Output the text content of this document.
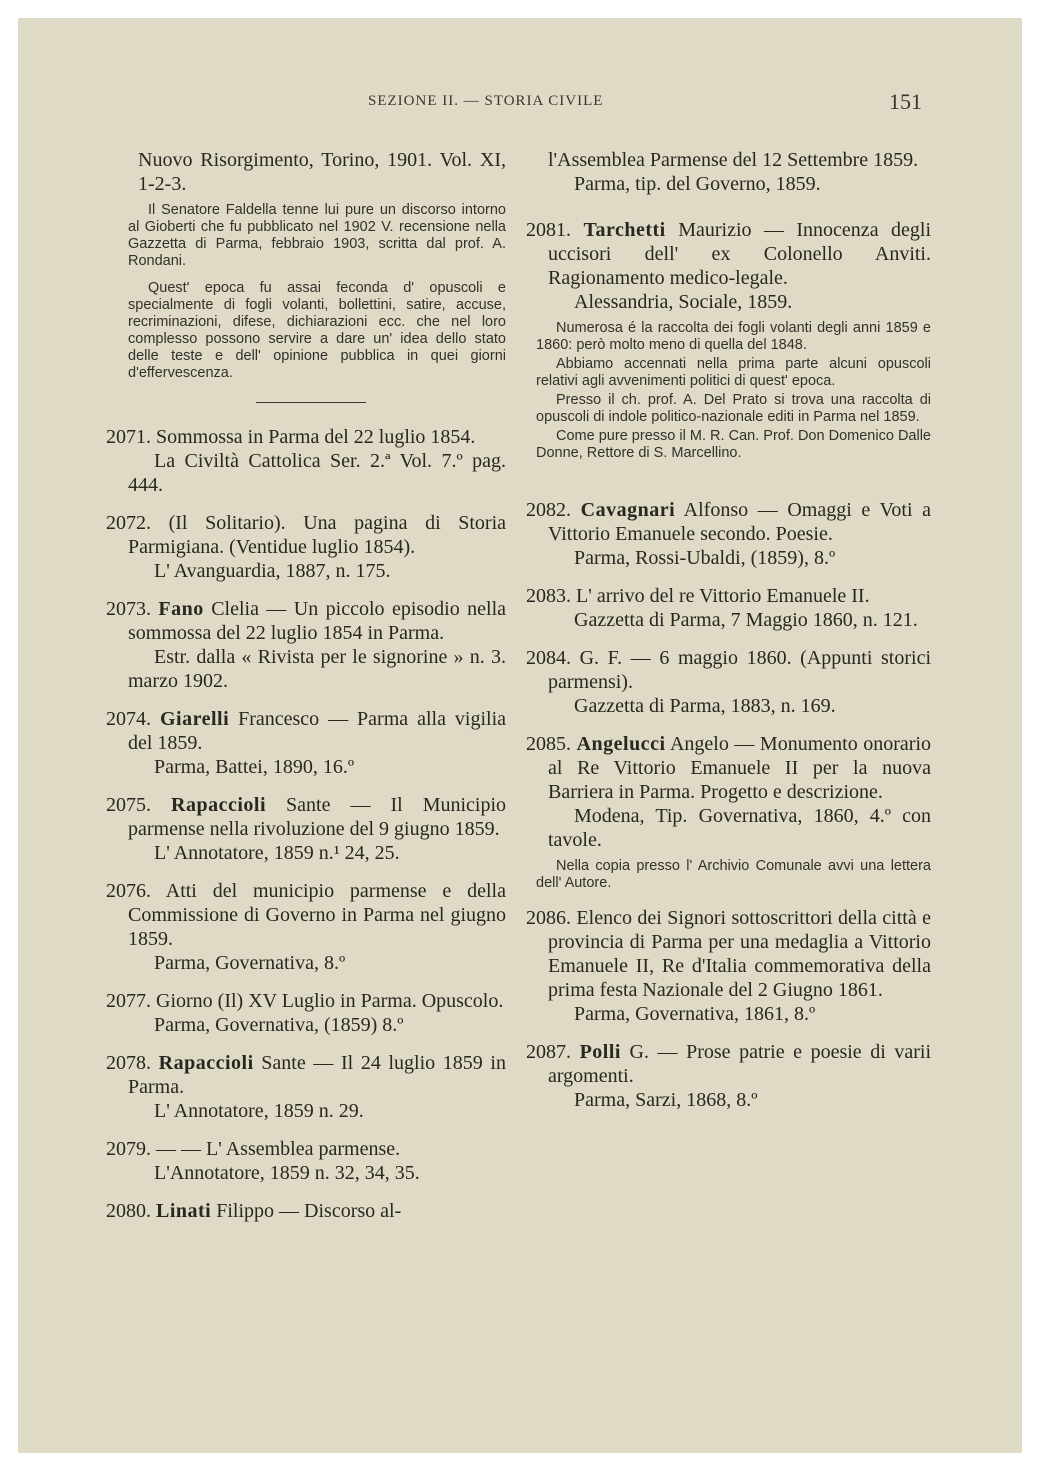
SEZIONE II. — STORIA CIVILE	151

Nuovo Risorgimento, Torino, 1901. Vol. XI, 1-2-3.

Il Senatore Faldella tenne lui pure un discorso intorno al Gioberti che fu pubblicato nel 1902 V. recensione nella Gazzetta di Parma, febbraio 1903, scritta dal prof. A. Rondani.

Quest' epoca fu assai feconda d' opuscoli e specialmente di fogli volanti, bollettini, satire, accuse, recriminazioni, difese, dichiarazioni ecc. che nel loro complesso possono servire a dare un' idea dello stato delle teste e dell' opinione pubblica in quei giorni d'effervescenza.

2071. Sommossa in Parma del 22 luglio 1854.

La Civiltà Cattolica Ser. 2.ª Vol. 7.º pag. 444.

2072. (Il Solitario). Una pagina di Storia Parmigiana. (Ventidue luglio 1854).

L' Avanguardia, 1887, n. 175.

2073. Fano Clelia — Un piccolo episodio nella sommossa del 22 luglio 1854 in Parma.

Estr. dalla « Rivista per le signorine » n. 3. marzo 1902.

2074. Giarelli Francesco — Parma alla vigilia del 1859.

Parma, Battei, 1890, 16.º

2075. Rapaccioli Sante — Il Municipio parmense nella rivoluzione del 9 giugno 1859.

L' Annotatore, 1859 n.¹ 24, 25.

2076. Atti del municipio parmense e della Commissione di Governo in Parma nel giugno 1859.

Parma, Governativa, 8.º

2077. Giorno (Il) XV Luglio in Parma. Opuscolo.

Parma, Governativa, (1859) 8.º

2078. Rapaccioli Sante — Il 24 luglio 1859 in Parma.

L' Annotatore, 1859 n. 29.

2079. — — L' Assemblea parmense.

L'Annotatore, 1859 n. 32, 34, 35.

2080. Linati Filippo — Discorso al-

l'Assemblea Parmense del 12 Settembre 1859.

Parma, tip. del Governo, 1859.

2081. Tarchetti Maurizio — Innocenza degli uccisori dell' ex Colonello Anviti. Ragionamento medico-legale.

Alessandria, Sociale, 1859.

Numerosa é la raccolta dei fogli volanti degli anni 1859 e 1860: però molto meno di quella del 1848.

Abbiamo accennati nella prima parte alcuni opuscoli relativi agli avvenimenti politici di quest' epoca.

Presso il ch. prof. A. Del Prato si trova una raccolta di opuscoli di indole politico-nazionale editi in Parma nel 1859.

Come pure presso il M. R. Can. Prof. Don Domenico Dalle Donne, Rettore di S. Marcellino.

2082. Cavagnari Alfonso — Omaggi e Voti a Vittorio Emanuele secondo. Poesie.

Parma, Rossi-Ubaldi, (1859), 8.º

2083. L' arrivo del re Vittorio Emanuele II.

Gazzetta di Parma, 7 Maggio 1860, n. 121.

2084. G. F. — 6 maggio 1860. (Appunti storici parmensi).

Gazzetta di Parma, 1883, n. 169.

2085. Angelucci Angelo — Monumento onorario al Re Vittorio Emanuele II per la nuova Barriera in Parma. Progetto e descrizione.

Modena, Tip. Governativa, 1860, 4.º con tavole.

Nella copia presso l' Archivio Comunale avvi una lettera dell' Autore.

2086. Elenco dei Signori sottoscrittori della città e provincia di Parma per una medaglia a Vittorio Emanuele II, Re d'Italia commemorativa della prima festa Nazionale del 2 Giugno 1861.

Parma, Governativa, 1861, 8.º

2087. Polli G. — Prose patrie e poesie di varii argomenti.

Parma, Sarzi, 1868, 8.º
